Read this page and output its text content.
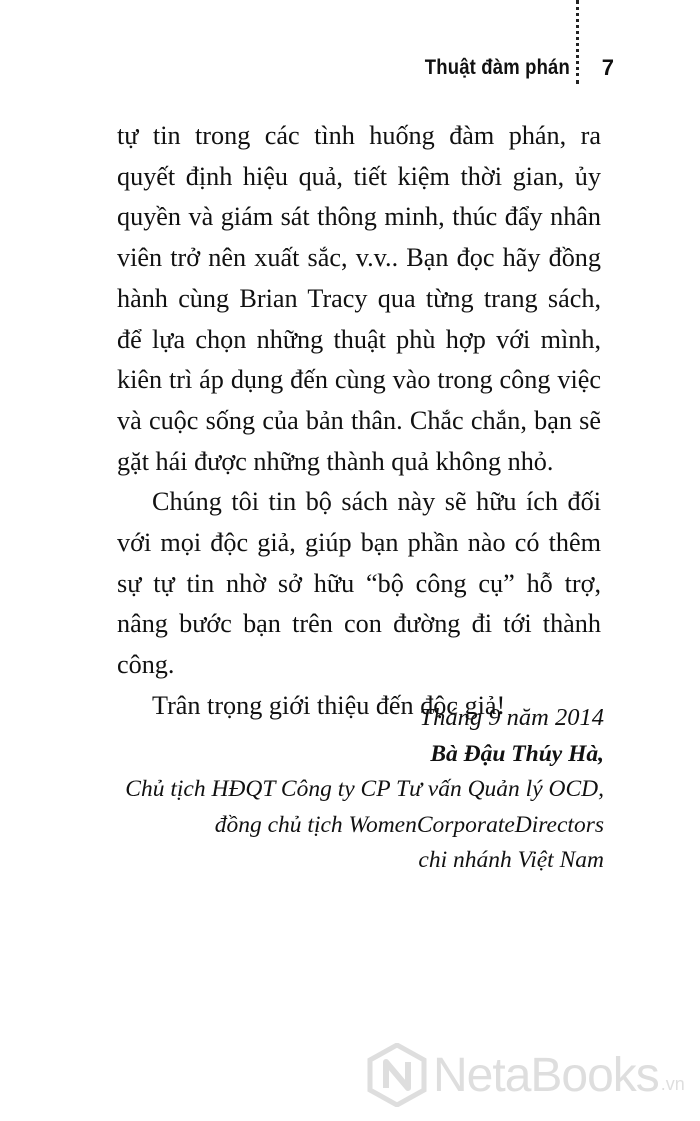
Thuật đàm phán 7

tự tin trong các tình huống đàm phán, ra quyết định hiệu quả, tiết kiệm thời gian, ủy quyền và giám sát thông minh, thúc đẩy nhân viên trở nên xuất sắc, v.v.. Bạn đọc hãy đồng hành cùng Brian Tracy qua từng trang sách, để lựa chọn những thuật phù hợp với mình, kiên trì áp dụng đến cùng vào trong công việc và cuộc sống của bản thân. Chắc chắn, bạn sẽ gặt hái được những thành quả không nhỏ.

Chúng tôi tin bộ sách này sẽ hữu ích đối với mọi độc giả, giúp bạn phần nào có thêm sự tự tin nhờ sở hữu “bộ công cụ” hỗ trợ, nâng bước bạn trên con đường đi tới thành công.

Trân trọng giới thiệu đến độc giả!

Tháng 9 năm 2014
Bà Đậu Thúy Hà,
Chủ tịch HĐQT Công ty CP Tư vấn Quản lý OCD,
đồng chủ tịch WomenCorporateDirectors
chi nhánh Việt Nam
NetaBooks .vn
